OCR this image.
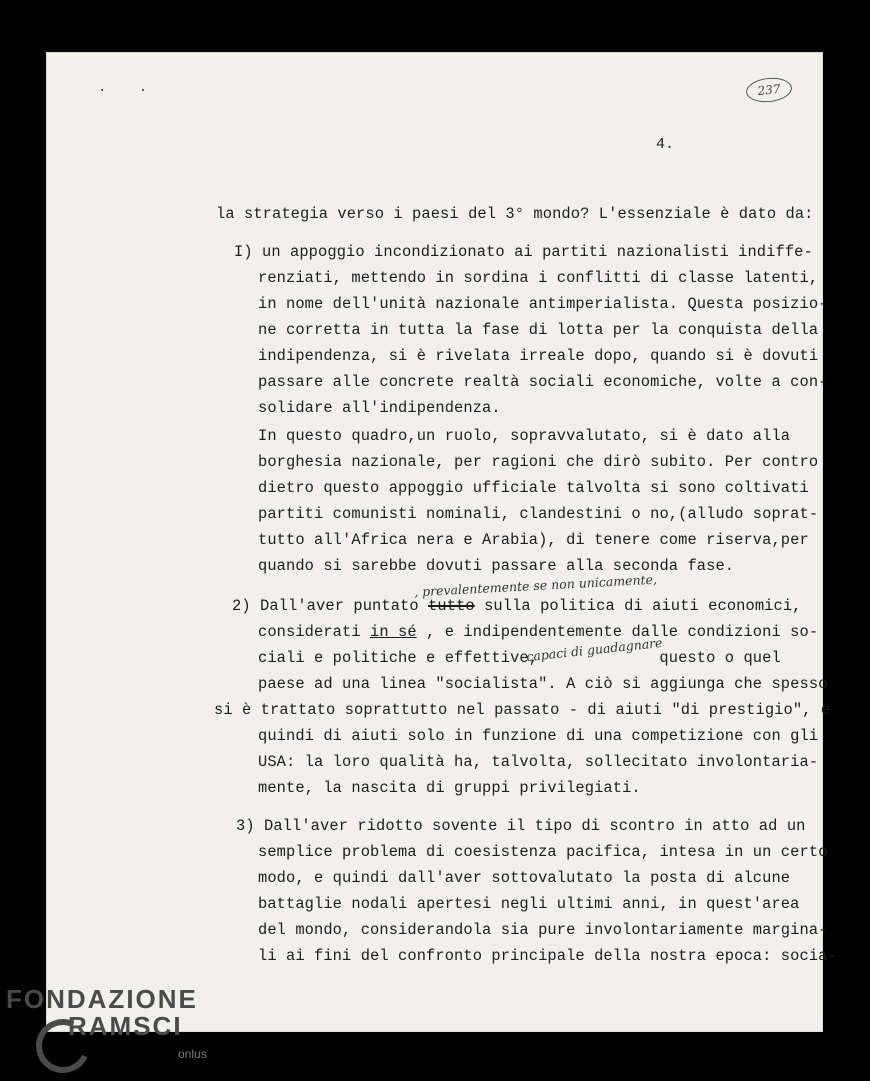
. .	237
4.
la strategia verso i paesi del 3° mondo? L'essenziale è dato da:
I) un appoggio incondizionato ai partiti nazionalisti indiffe-
renziati, mettendo in sordina i conflitti di classe latenti,
in nome dell'unità nazionale antimperialista. Questa posizio-
ne corretta in tutta la fase di lotta per la conquista della
indipendenza, si è rivelata irreale dopo, quando si è dovuti
passare alle concrete realtà sociali economiche, volte a con-
solidare all'indipendenza.
In questo quadro,un ruolo, sopravvalutato, si è dato alla
borghesia nazionale, per ragioni che dirò subito. Per contro
dietro questo appoggio ufficiale talvolta si sono coltivati
partiti comunisti nominali, clandestini o no,(alludo soprat-
tutto all'Africa nera e Arabia), di tenere come riserva,per
quando si sarebbe dovuti passare alla seconda fase.
, prevalentemente se non unicamente,
2) Dall'aver puntato tutto sulla politica di aiuti economici,
considerati in sé , e indipendentemente dalle condizioni so-
capaci di guadagnare
ciali e politiche e effettive,	questo o quel
paese ad una linea "socialista". A ciò si aggiunga che spesso
si è trattato soprattutto nel passato - di aiuti "di prestigio", e
quindi di aiuti solo in funzione di una competizione con gli
USA: la loro qualità ha, talvolta, sollecitato involontaria-
mente, la nascita di gruppi privilegiati.
3) Dall'aver ridotto sovente il tipo di scontro in atto ad un
semplice problema di coesistenza pacifica, intesa in un certo
modo, e quindi dall'aver sottovalutato la posta di alcune
battaglie nodali apertesi negli ultimi anni, in quest'area
del mondo, considerandola sia pure involontariamente margina-
li ai fini del confronto principale della nostra epoca: socia-
FONDAZIONE
RAMSCI
onlus
